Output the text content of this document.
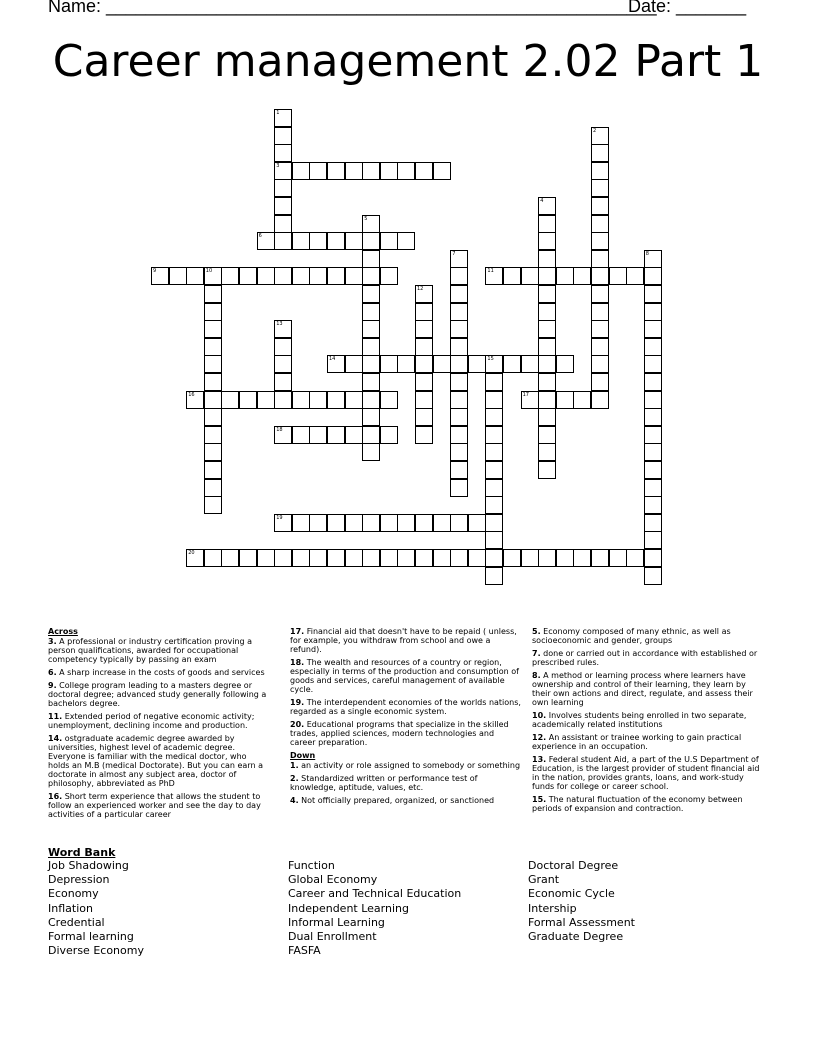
Name: _______________________________________________________
Date: _______
Career management 2.02 Part 1
1
3
2
4
5
6
7	8
9	10	11
12
13
14	15
16	17
18
19
20
Across
3. A professional or industry certification proving a person qualifications, awarded for occupational competency typically by passing an exam
6. A sharp increase in the costs of goods and services
9. College program leading to a masters degree or doctoral degree; advanced study generally following a bachelors degree.
11. Extended period of negative economic activity; unemployment, declining income and production.
14. ostgraduate academic degree awarded by universities, highest level of academic degree. Everyone is familiar with the medical doctor, who holds an M.B (medical Doctorate). But you can earn a doctorate in almost any subject area, doctor of philosophy, abbreviated as PhD
16. Short term experience that allows the student to follow an experienced worker and see the day to day activities of a particular career
17. Financial aid that doesn't have to be repaid ( unless, for example, you withdraw from school and owe a refund).
18. The wealth and resources of a country or region, especially in terms of the production and consumption of goods and services, careful management of available cycle.
19. The interdependent economies of the worlds nations, regarded as a single economic system.
20. Educational programs that specialize in the skilled trades, applied sciences, modern technologies and career preparation.
Down
1. an activity or role assigned to somebody or something
2. Standardized written or performance test of knowledge, aptitude, values, etc.
4. Not officially prepared, organized, or sanctioned
5. Economy composed of many ethnic, as well as socioeconomic and gender, groups
7. done or carried out in accordance with established or prescribed rules.
8. A method or learning process where learners have ownership and control of their learning, they learn by their own actions and direct, regulate, and assess their own learning
10. Involves students being enrolled in two separate, academically related institutions
12. An assistant or trainee working to gain practical experience in an occupation.
13. Federal student Aid, a part of the U.S Department of Education, is the largest provider of student financial aid in the nation, provides grants, loans, and work-study funds for college or career school.
15. The natural fluctuation of the economy between periods of expansion and contraction.
Word Bank
Job Shadowing
Depression
Economy
Inflation
Credential
Formal learning
Diverse Economy
Function
Global Economy
Career and Technical Education
Independent Learning
Informal Learning
Dual Enrollment
FASFA
Doctoral Degree
Grant
Economic Cycle
Intership
Formal Assessment
Graduate Degree
